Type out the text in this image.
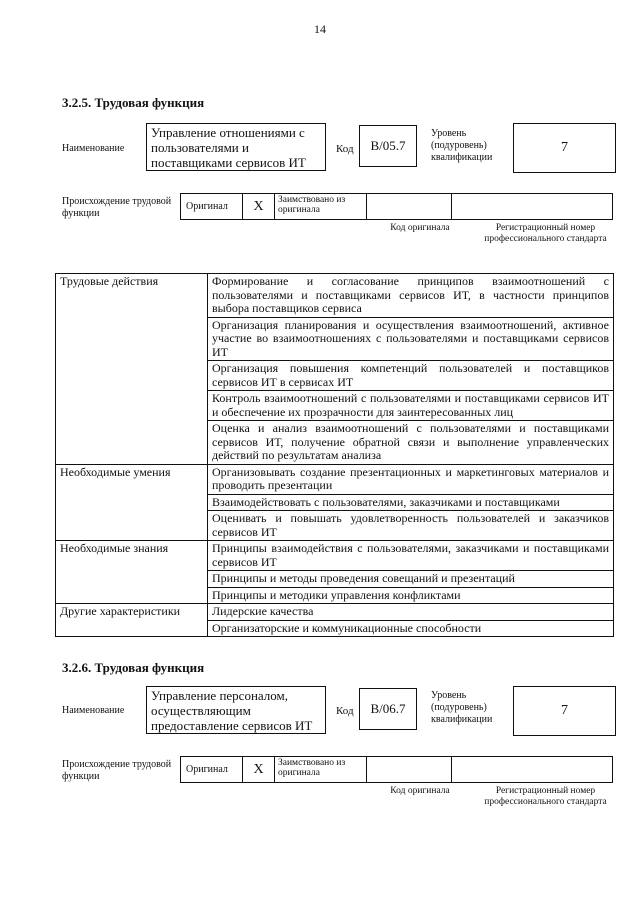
14
3.2.5. Трудовая функция
Наименование
Управление отношениями с пользователями и поставщиками сервисов ИТ
Код	B/05.7
Уровень (подуровень) квалификации
7
Происхождение трудовой функции
Оригинал	X	Заимствовано из оригинала
Код оригинала	Регистрационный номер профессионального стандарта
Трудовые действия	Формирование и согласование принципов взаимоотношений с пользователями и поставщиками сервисов ИТ, в частности принципов выбора поставщиков сервиса
	Организация планирования и осуществления взаимоотношений, активное участие во взаимоотношениях с пользователями и поставщиками сервисов ИТ
	Организация повышения компетенций пользователей и поставщиков сервисов ИТ в сервисах ИТ
	Контроль взаимоотношений с пользователями и поставщиками сервисов ИТ и обеспечение их прозрачности для заинтересованных лиц
	Оценка и анализ взаимоотношений с пользователями и поставщиками сервисов ИТ, получение обратной связи и выполнение управленческих действий по результатам анализа
Необходимые умения	Организовывать создание презентационных и маркетинговых материалов и проводить презентации
	Взаимодействовать с пользователями, заказчиками и поставщиками
	Оценивать и повышать удовлетворенность пользователей и заказчиков сервисов ИТ
Необходимые знания	Принципы взаимодействия с пользователями, заказчиками и поставщиками сервисов ИТ
	Принципы и методы проведения совещаний и презентаций
	Принципы и методики управления конфликтами
Другие характеристики	Лидерские качества
	Организаторские и коммуникационные способности
3.2.6. Трудовая функция
Наименование
Управление персоналом, осуществляющим предоставление сервисов ИТ
Код	B/06.7
Уровень (подуровень) квалификации
7
Происхождение трудовой функции
Оригинал	X	Заимствовано из оригинала
Код оригинала	Регистрационный номер профессионального стандарта
